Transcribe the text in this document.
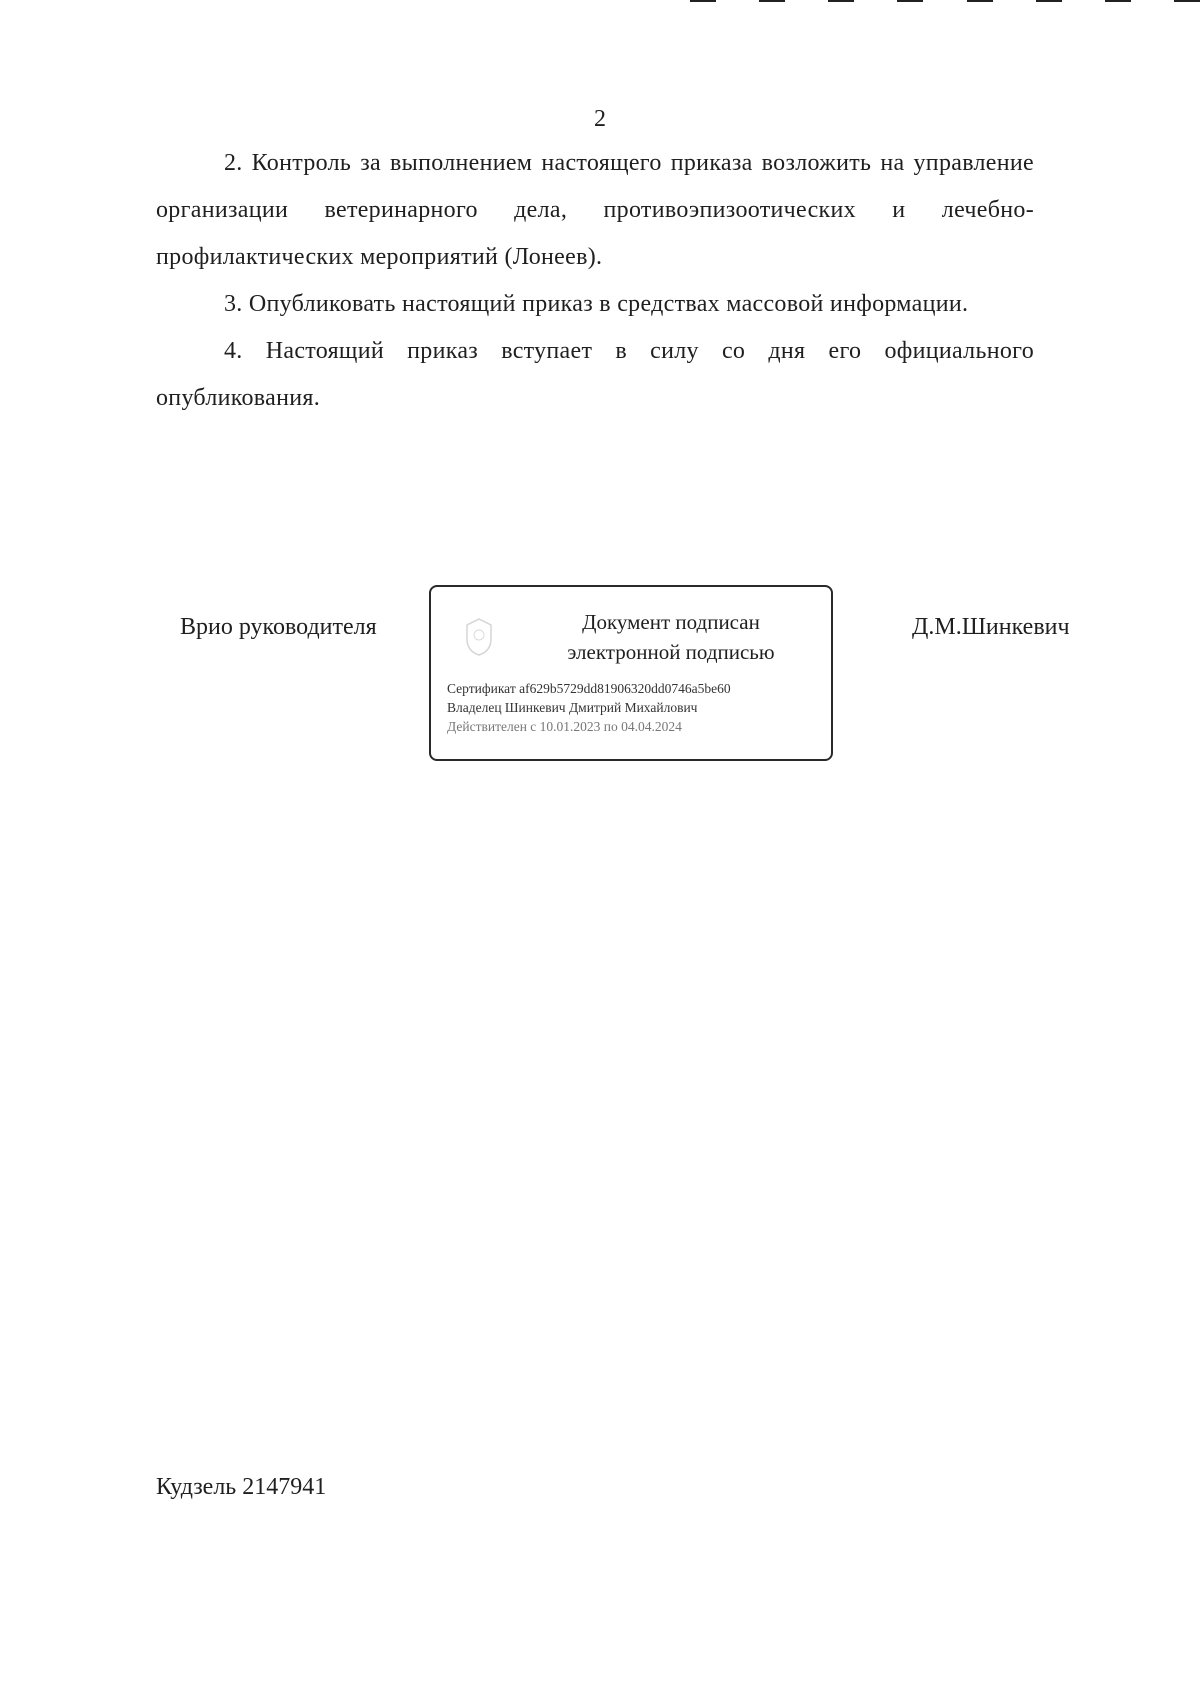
2

2. Контроль за выполнением настоящего приказа возложить на управление организации ветеринарного дела, противоэпизоотических и лечебно-профилактических мероприятий (Лонеев).

3. Опубликовать настоящий приказ в средствах массовой информации.

4. Настоящий приказ вступает в силу со дня его официального опубликования.

Врио руководителя	Документ подписан
электронной подписью
Сертификат af629b5729dd81906320dd0746a5be60
Владелец Шинкевич Дмитрий Михайлович
Действителен с 10.01.2023 по 04.04.2024
Д.М.Шинкевич
Кудзель 2147941
